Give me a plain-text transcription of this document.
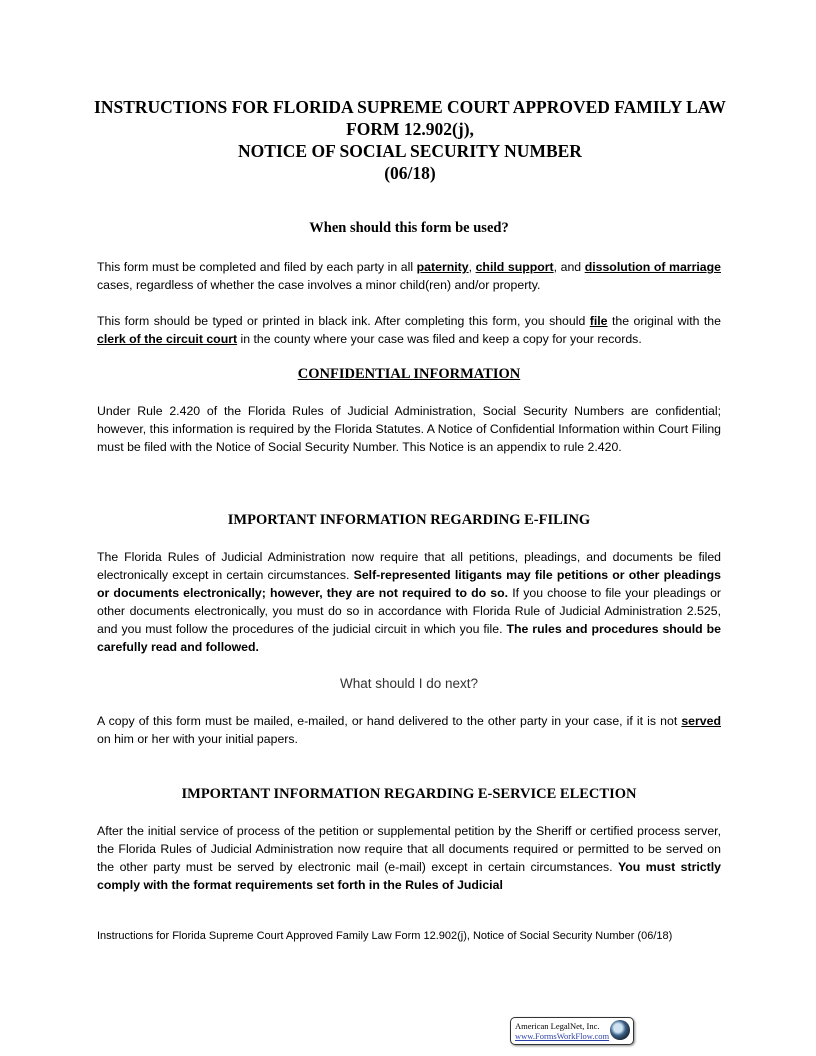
INSTRUCTIONS FOR FLORIDA SUPREME COURT APPROVED FAMILY LAW
FORM 12.902(j),
NOTICE OF SOCIAL SECURITY NUMBER
(06/18)
When should this form be used?

This form must be completed and filed by each party in all paternity, child support, and dissolution of marriage cases, regardless of whether the case involves a minor child(ren) and/or property.

This form should be typed or printed in black ink. After completing this form, you should file the original with the clerk of the circuit court in the county where your case was filed and keep a copy for your records.

CONFIDENTIAL INFORMATION

Under Rule 2.420 of the Florida Rules of Judicial Administration, Social Security Numbers are confidential; however, this information is required by the Florida Statutes. A Notice of Confidential Information within Court Filing must be filed with the Notice of Social Security Number. This Notice is an appendix to rule 2.420.

IMPORTANT INFORMATION REGARDING E-FILING

The Florida Rules of Judicial Administration now require that all petitions, pleadings, and documents be filed electronically except in certain circumstances. Self-represented litigants may file petitions or other pleadings or documents electronically; however, they are not required to do so. If you choose to file your pleadings or other documents electronically, you must do so in accordance with Florida Rule of Judicial Administration 2.525, and you must follow the procedures of the judicial circuit in which you file. The rules and procedures should be carefully read and followed.

What should I do next?

A copy of this form must be mailed, e-mailed, or hand delivered to the other party in your case, if it is not served on him or her with your initial papers.

IMPORTANT INFORMATION REGARDING E-SERVICE ELECTION

After the initial service of process of the petition or supplemental petition by the Sheriff or certified process server, the Florida Rules of Judicial Administration now require that all documents required or permitted to be served on the other party must be served by electronic mail (e-mail) except in certain circumstances. You must strictly comply with the format requirements set forth in the Rules of Judicial

Instructions for Florida Supreme Court Approved Family Law Form 12.902(j), Notice of Social Security Number (06/18)
American LegalNet, Inc.
www.FormsWorkFlow.com
